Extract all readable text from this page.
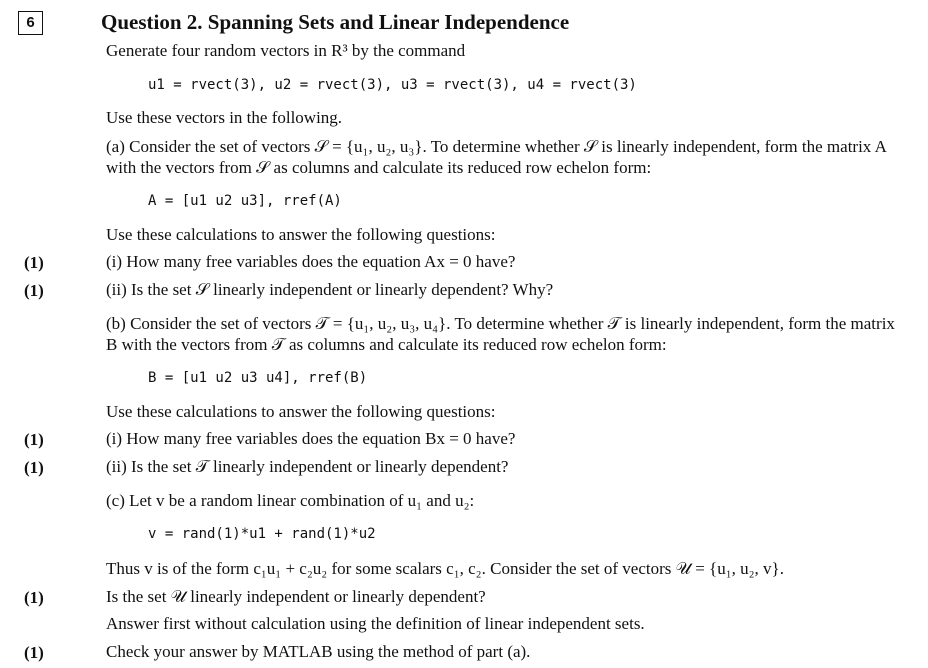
6	Question 2. Spanning Sets and Linear Independence
Generate four random vectors in R³ by the command
u1 = rvect(3), u2 = rvect(3), u3 = rvect(3), u4 = rvect(3)
Use these vectors in the following.
(a) Consider the set of vectors 𝒮 = {u₁, u₂, u₃}. To determine whether 𝒮 is linearly independent, form the matrix A with the vectors from 𝒮 as columns and calculate its reduced row echelon form:
A = [u1 u2 u3], rref(A)
Use these calculations to answer the following questions:
(1)	(i) How many free variables does the equation Ax = 0 have?
(1)	(ii) Is the set 𝒮 linearly independent or linearly dependent? Why?
(b) Consider the set of vectors 𝒯 = {u₁, u₂, u₃, u₄}. To determine whether 𝒯 is linearly independent, form the matrix B with the vectors from 𝒯 as columns and calculate its reduced row echelon form:
B = [u1 u2 u3 u4], rref(B)
Use these calculations to answer the following questions:
(1)	(i) How many free variables does the equation Bx = 0 have?
(1)	(ii) Is the set 𝒯 linearly independent or linearly dependent?
(c) Let v be a random linear combination of u₁ and u₂:
v = rand(1)*u1 + rand(1)*u2
Thus v is of the form c₁u₁ + c₂u₂ for some scalars c₁, c₂. Consider the set of vectors 𝒰 = {u₁, u₂, v}.
(1)	Is the set 𝒰 linearly independent or linearly dependent?
Answer first without calculation using the definition of linear independent sets.
(1)	Check your answer by MATLAB using the method of part (a).
